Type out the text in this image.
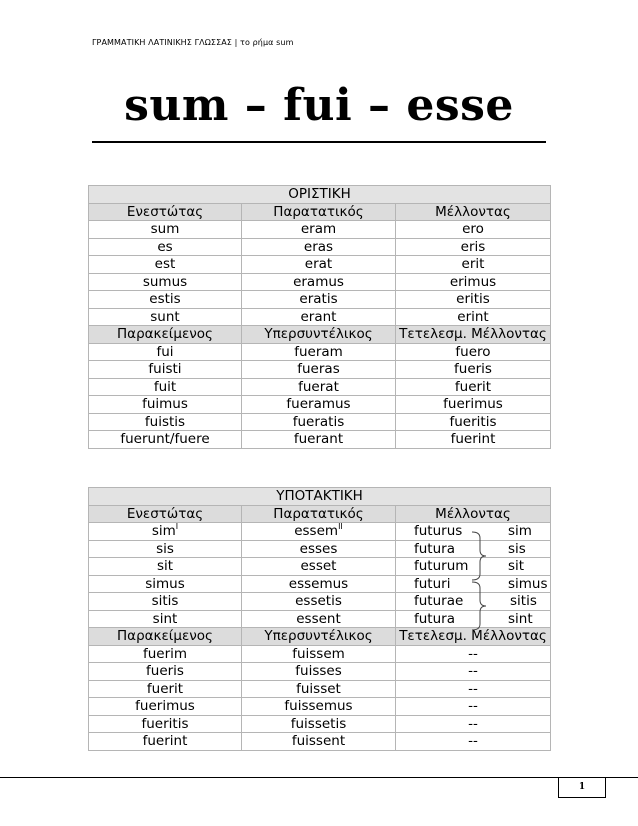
ΓΡΑΜΜΑΤΙΚΗ ΛΑΤΙΝΙΚΗΣ ΓΛΩΣΣΑΣ | το ρήμα sum
sum – fui – esse
ΟΡΙΣΤΙΚΗ		
Ενεστώτας	Παρατατικός	Μέλλοντας
sum	eram	ero
es	eras	eris
est	erat	erit
sumus	eramus	erimus
estis	eratis	eritis
sunt	erant	erint
Παρακείμενος	Υπερσυντέλικος	Τετελεσμ. Μέλλοντας
fui	fueram	fuero
fuisti	fueras	fueris
fuit	fuerat	fuerit
fuimus	fueramus	fuerimus
fuistis	fueratis	fueritis
fuerunt/fuere	fuerant	fuerint
ΥΠΟΤΑΚΤΙΚΗ		
Ενεστώτας	Παρατατικός	Μέλλοντας
sim$^I$	essem$^{II}$	futurus sim

sis	esses	futura sis

sit	esset	futurum sit

simus	essemus	futuri simus

sitis	essetis	futurae sitis

sint	essent	futura sint

Παρακείμενος	Υπερσυντέλικος	Τετελεσμ. Μέλλοντας
fuerim	fuissem	--
fueris	fuisses	--
fuerit	fuisset	--
fuerimus	fuissemus	--
fueritis	fuissetis	--
fuerint	fuissent	--
1
